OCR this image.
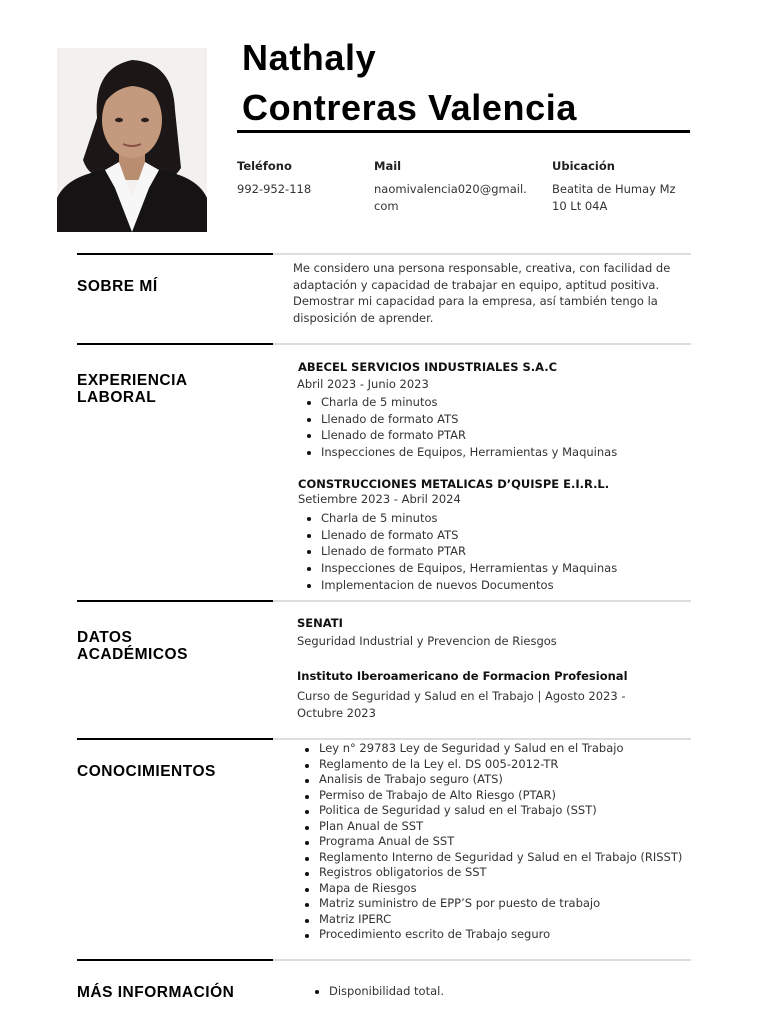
Nathaly
Contreras Valencia
Teléfono
992-952-118
Mail
naomivalencia020@gmail.
com
Ubicación
Beatita de Humay Mz
10 Lt 04A
SOBRE MÍ
Me considero una persona responsable, creativa, con facilidad de
adaptación y capacidad de trabajar en equipo, aptitud positiva.
Demostrar mi capacidad para la empresa, así también tengo la
disposición de aprender.
EXPERIENCIA
LABORAL
ABECEL SERVICIOS INDUSTRIALES S.A.C
Abril 2023 - Junio 2023
Charla de 5 minutos
Llenado de formato ATS
Llenado de formato PTAR
Inspecciones de Equipos, Herramientas y Maquinas
CONSTRUCCIONES METALICAS D’QUISPE E.I.R.L.
Setiembre 2023 - Abril 2024
Charla de 5 minutos
Llenado de formato ATS
Llenado de formato PTAR
Inspecciones de Equipos, Herramientas y Maquinas
Implementacion de nuevos Documentos
DATOS
ACADÉMICOS
SENATI
Seguridad Industrial y Prevencion de Riesgos
Instituto Iberoamericano de Formacion Profesional
Curso de Seguridad y Salud en el Trabajo | Agosto 2023 -
Octubre 2023
CONOCIMIENTOS
Ley n° 29783 Ley de Seguridad y Salud en el Trabajo
Reglamento de la Ley el. DS 005-2012-TR
Analisis de Trabajo seguro (ATS)
Permiso de Trabajo de Alto Riesgo (PTAR)
Politica de Seguridad y salud en el Trabajo (SST)
Plan Anual de SST
Programa Anual de SST
Reglamento Interno de Seguridad y Salud en el Trabajo (RISST)
Registros obligatorios de SST
Mapa de Riesgos
Matriz suministro de EPP’S por puesto de trabajo
Matriz IPERC
Procedimiento escrito de Trabajo seguro
MÁS INFORMACIÓN	Disponibilidad total.
